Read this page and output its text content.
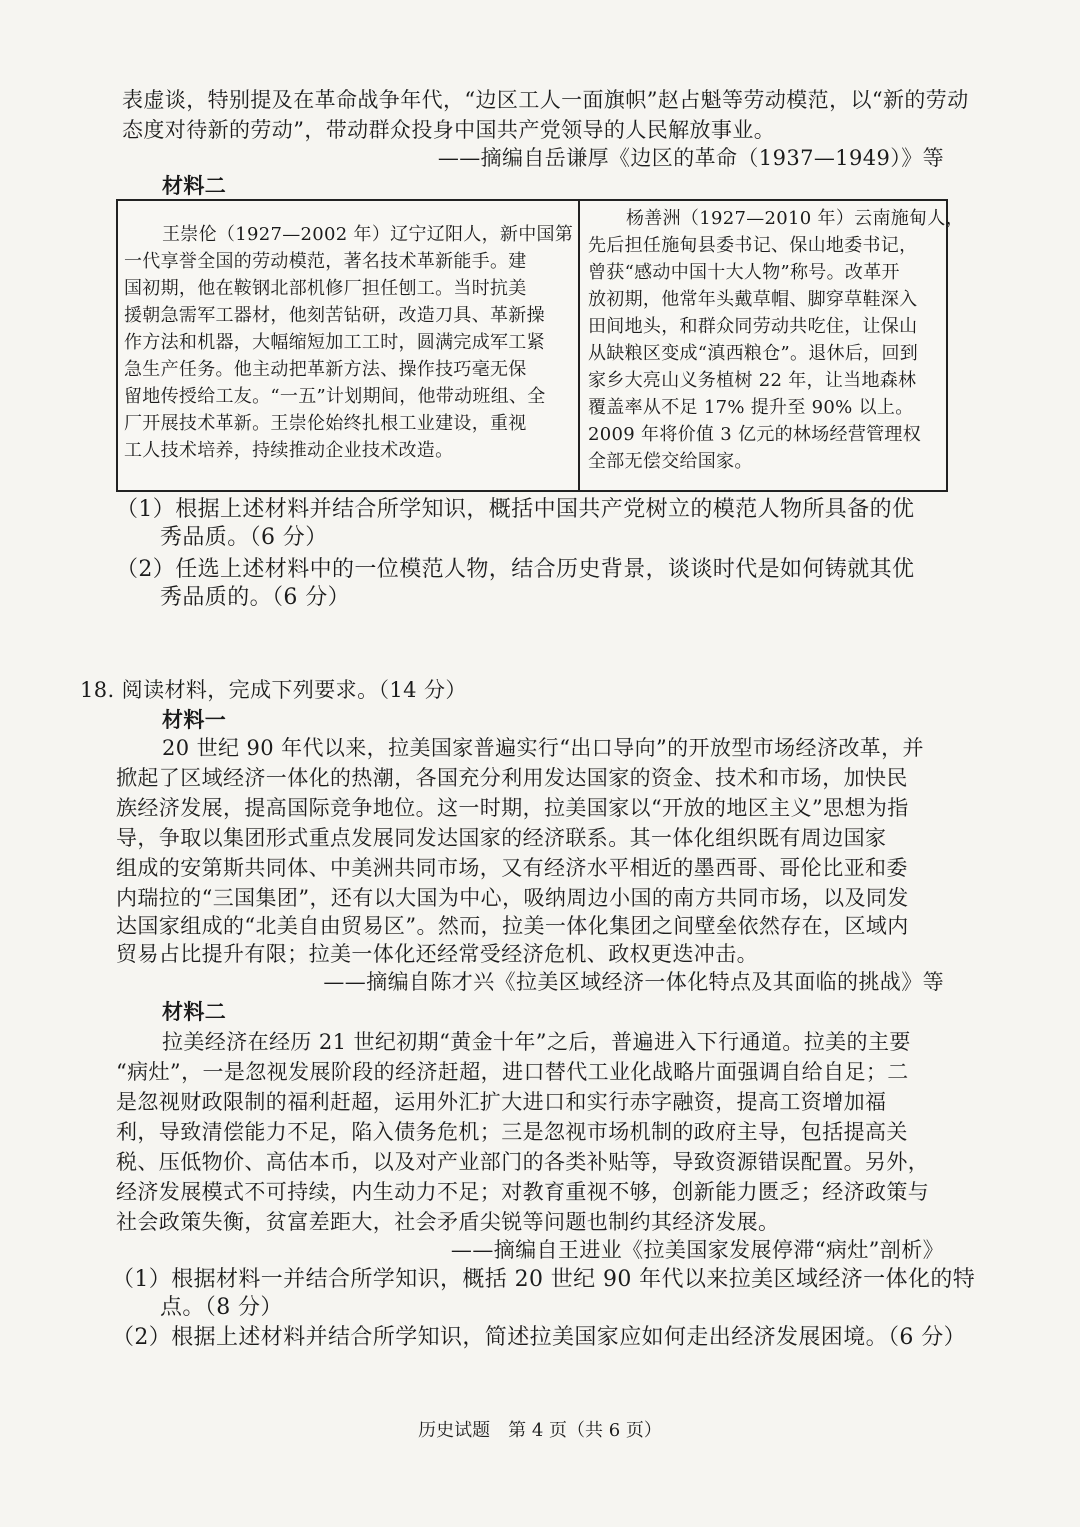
表虚谈，特别提及在革命战争年代，“边区工人一面旗帜”赵占魁等劳动模范，以“新的劳动

态度对待新的劳动”，带动群众投身中国共产党领导的人民解放事业。

——摘编自岳谦厚《边区的革命（1937—1949）》等

材料二

王崇伦（1927—2002 年）辽宁辽阳人，新中国第

一代享誉全国的劳动模范，著名技术革新能手。建

国初期，他在鞍钢北部机修厂担任刨工。当时抗美

援朝急需军工器材，他刻苦钻研，改造刀具、革新操

作方法和机器，大幅缩短加工工时，圆满完成军工紧

急生产任务。他主动把革新方法、操作技巧毫无保

留地传授给工友。“一五”计划期间，他带动班组、全

厂开展技术革新。王崇伦始终扎根工业建设，重视

工人技术培养，持续推动企业技术改造。

杨善洲（1927—2010 年）云南施甸人，

先后担任施甸县委书记、保山地委书记，

曾获“感动中国十大人物”称号。改革开

放初期，他常年头戴草帽、脚穿草鞋深入

田间地头，和群众同劳动共吃住，让保山

从缺粮区变成“滇西粮仓”。退休后，回到

家乡大亮山义务植树 22 年，让当地森林

覆盖率从不足 17% 提升至 90% 以上。

2009 年将价值 3 亿元的林场经营管理权

全部无偿交给国家。

（1）根据上述材料并结合所学知识，概括中国共产党树立的模范人物所具备的优

秀品质。（6 分）

（2）任选上述材料中的一位模范人物，结合历史背景，谈谈时代是如何铸就其优

秀品质的。（6 分）

18. 阅读材料，完成下列要求。（14 分）

材料一

20 世纪 90 年代以来，拉美国家普遍实行“出口导向”的开放型市场经济改革，并

掀起了区域经济一体化的热潮，各国充分利用发达国家的资金、技术和市场，加快民

族经济发展，提高国际竞争地位。这一时期，拉美国家以“开放的地区主义”思想为指

导，争取以集团形式重点发展同发达国家的经济联系。其一体化组织既有周边国家

组成的安第斯共同体、中美洲共同市场，又有经济水平相近的墨西哥、哥伦比亚和委

内瑞拉的“三国集团”，还有以大国为中心，吸纳周边小国的南方共同市场，以及同发

达国家组成的“北美自由贸易区”。然而，拉美一体化集团之间壁垒依然存在，区域内

贸易占比提升有限；拉美一体化还经常受经济危机、政权更迭冲击。

——摘编自陈才兴《拉美区域经济一体化特点及其面临的挑战》等

材料二

拉美经济在经历 21 世纪初期“黄金十年”之后，普遍进入下行通道。拉美的主要

“病灶”，一是忽视发展阶段的经济赶超，进口替代工业化战略片面强调自给自足；二

是忽视财政限制的福利赶超，运用外汇扩大进口和实行赤字融资，提高工资增加福

利，导致清偿能力不足，陷入债务危机；三是忽视市场机制的政府主导，包括提高关

税、压低物价、高估本币，以及对产业部门的各类补贴等，导致资源错误配置。另外，

经济发展模式不可持续，内生动力不足；对教育重视不够，创新能力匮乏；经济政策与

社会政策失衡，贫富差距大，社会矛盾尖锐等问题也制约其经济发展。

——摘编自王进业《拉美国家发展停滞“病灶”剖析》

（1）根据材料一并结合所学知识，概括 20 世纪 90 年代以来拉美区域经济一体化的特

点。（8 分）

（2）根据上述材料并结合所学知识，简述拉美国家应如何走出经济发展困境。（6 分）

历史试题　第 4 页（共 6 页）
